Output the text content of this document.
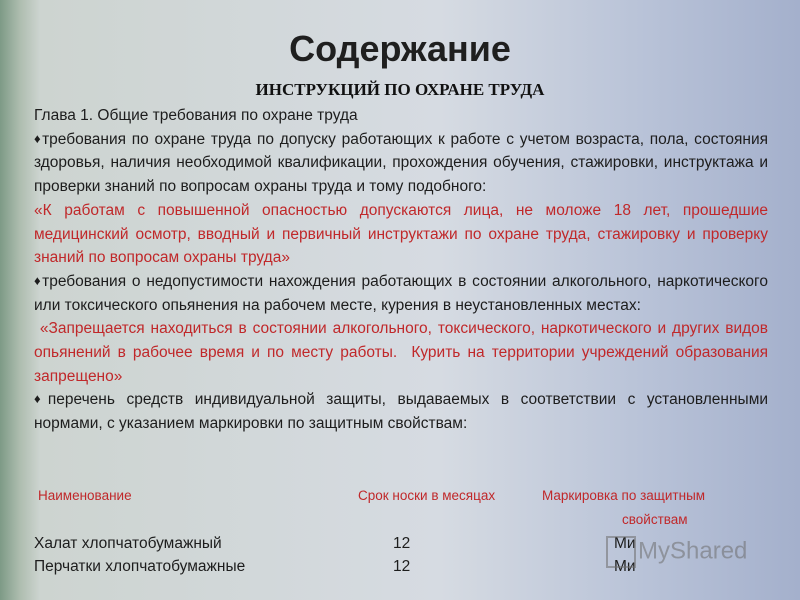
Содержание
ИНСТРУКЦИЙ ПО ОХРАНЕ ТРУДА

Глава 1. Общие требования по охране труда

♦требования по охране труда по допуску работающих к работе с учетом возраста, пола, состояния здоровья, наличия необходимой квалификации, прохождения обучения, стажировки, инструктажа и проверки знаний по вопросам охраны труда и тому подобного:

«К работам с повышенной опасностью допускаются лица, не моложе 18 лет, прошедшие медицинский осмотр, вводный и первичный инструктажи по охране труда, стажировку и проверку знаний по вопросам охраны труда»

♦требования о недопустимости нахождения работающих в состоянии алкогольного, наркотического или токсического опьянения на рабочем месте, курения в неустановленных местах:

«Запрещается находиться в состоянии алкогольного, токсического, наркотического и других видов опьянений в рабочее время и по месту работы.  Курить на территории учреждений образования запрещено»

♦перечень средств индивидуальной защиты, выдаваемых в соответствии с установленными нормами, с указанием маркировки по защитным свойствам:

Наименование	Срок носки в месяцах	Маркировка по защитным
свойствам
Халат хлопчатобумажный	12	Ми
Перчатки хлопчатобумажные	12	Ми
MyShared
